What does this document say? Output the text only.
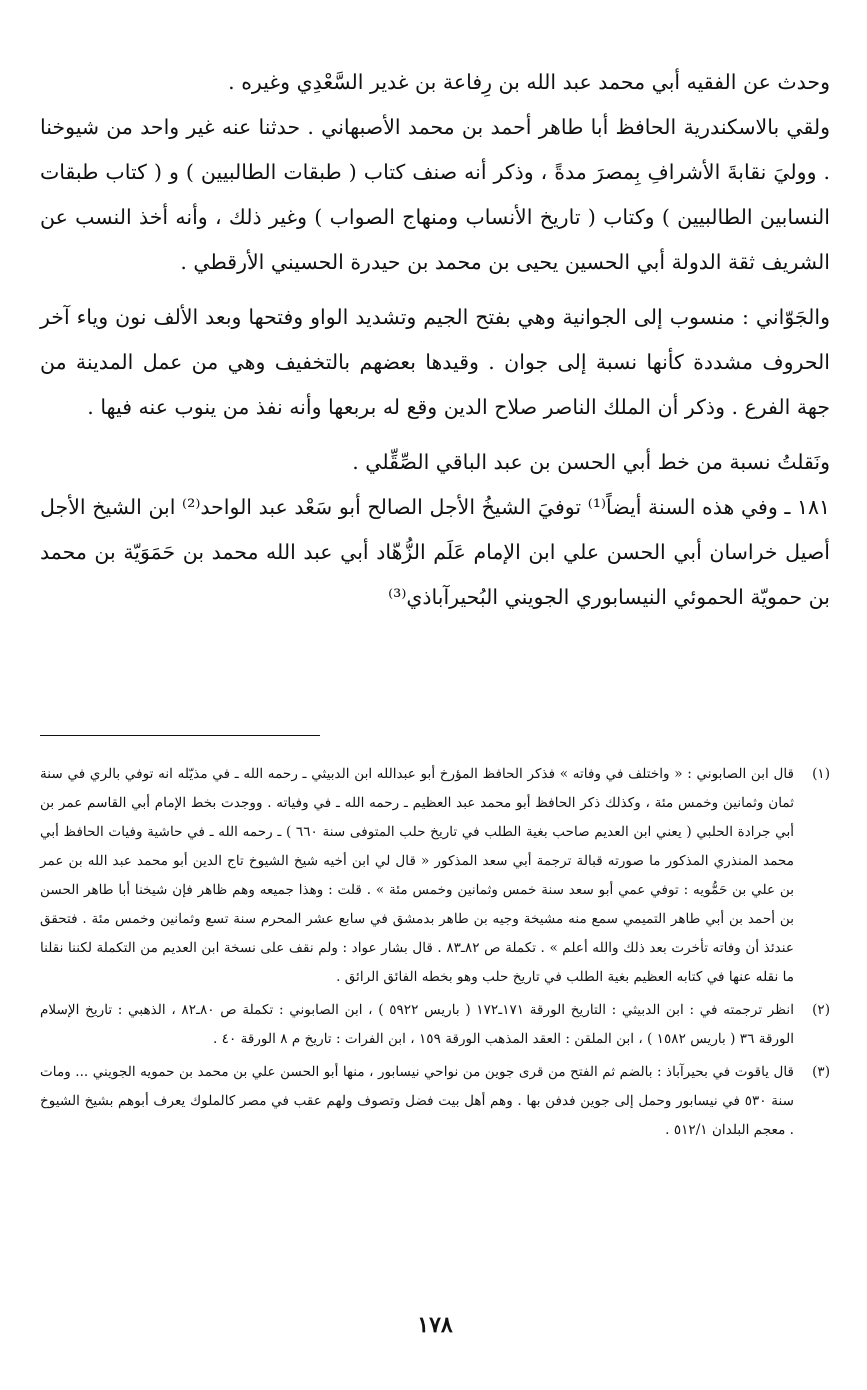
وحدث عن الفقيه أبي محمد عبد الله بن رِفاعة بن غدير السَّعْدِي وغيره .

ولقي بالاسكندرية الحافظ أبا طاهر أحمد بن محمد الأصبهاني . حدثنا عنه غير واحد من شيوخنا . ووليَ نقابةَ الأشرافِ بِمصرَ مدةً ، وذكر أنه صنف كتاب ( طبقات الطالبيين ) و ( كتاب طبقات النسابين الطالبيين ) وكتاب ( تاريخ الأنساب ومنهاج الصواب ) وغير ذلك ، وأنه أخذ النسب عن الشريف ثقة الدولة أبي الحسين يحيى بن محمد بن حيدرة الحسيني الأرقطي .

والجَوّاني : منسوب إلى الجوانية وهي بفتح الجيم وتشديد الواو وفتحها وبعد الألف نون وياء آخر الحروف مشددة كأنها نسبة إلى جوان . وقيدها بعضهم بالتخفيف وهي من عمل المدينة من جهة الفرع . وذكر أن الملك الناصر صلاح الدين وقع له بربعها وأنه نفذ من ينوب عنه فيها .

ونَقلتُ نسبة من خط أبي الحسن بن عبد الباقي الصِّقِّلي .

١٨١ ـ وفي هذه السنة أيضاً⁽¹⁾ توفيَ الشيخُ الأجل الصالح أبو سَعْد عبد الواحد⁽²⁾ ابن الشيخ الأجل أصيل خراسان أبي الحسن علي ابن الإمام عَلَم الزُّهّاد أبي عبد الله محمد بن حَمَوَيّة بن محمد بن حمويّة الحموئي النيسابوري الجويني البُحيرآباذي⁽³⁾

(١)
قال ابن الصابوني : « واختلف في وفاته » فذكر الحافظ المؤرخ أبو عبدالله ابن الدبيثي ـ رحمه الله ـ في مذيّله انه توفي بالري في سنة ثمان وثمانين وخمس مئة ، وكذلك ذكر الحافظ أبو محمد عبد العظيم ـ رحمه الله ـ في وفياته . ووجدت بخط الإمام أبي القاسم عمر بن أبي جرادة الحلبي ( يعني ابن العديم صاحب بغية الطلب في تاريخ حلب المتوفى سنة ٦٦٠ ) ـ رحمه الله ـ في حاشية وفيات الحافظ أبي محمد المنذري المذكور ما صورته قبالة ترجمة أبي سعد المذكور « قال لي ابن أخيه شيخ الشيوخ تاج الدين أبو محمد عبد الله بن عمر بن علي بن حَمُّويه : توفي عمي أبو سعد سنة خمس وثمانين وخمس مئة » . قلت : وهذا جميعه وهم ظاهر فإن شيخنا أبا طاهر الحسن بن أحمد بن أبي طاهر التميمي سمع منه مشيخة وجيه بن طاهر بدمشق في سابع عشر المحرم سنة تسع وثمانين وخمس مئة . فتحقق عندئذ أن وفاته تأخرت بعد ذلك والله أعلم » . تكملة ص ٨٢ـ٨٣ . قال بشار عواد : ولم نقف على نسخة ابن العديم من التكملة لكننا نقلنا ما نقله عنها في كتابه العظيم بغية الطلب في تاريخ حلب وهو بخطه الفائق الرائق .
(٢)
انظر ترجمته في : ابن الدبيثي : التاريخ الورقة ١٧١ـ١٧٢ ( باريس ٥٩٢٢ ) ، ابن الصابوني : تكملة ص ٨٠ـ٨٢ ، الذهبي : تاريخ الإسلام الورقة ٣٦ ( باريس ١٥٨٢ ) ، ابن الملقن : العقد المذهب الورقة ١٥٩ ، ابن الفرات : تاريخ م ٨ الورقة ٤٠ .
(٣)
قال ياقوت في بحيرآباذ : بالضم ثم الفتح من قرى جوين من نواحي نيسابور ، منها أبو الحسن علي بن محمد بن حمويه الجويني ... ومات سنة ٥٣٠ في نيسابور وحمل إلى جوين فدفن بها . وهم أهل بيت فضل وتصوف ولهم عقب في مصر كالملوك يعرف أبوهم بشيخ الشيوخ . معجم البلدان ٥١٢/١ .
١٧٨
